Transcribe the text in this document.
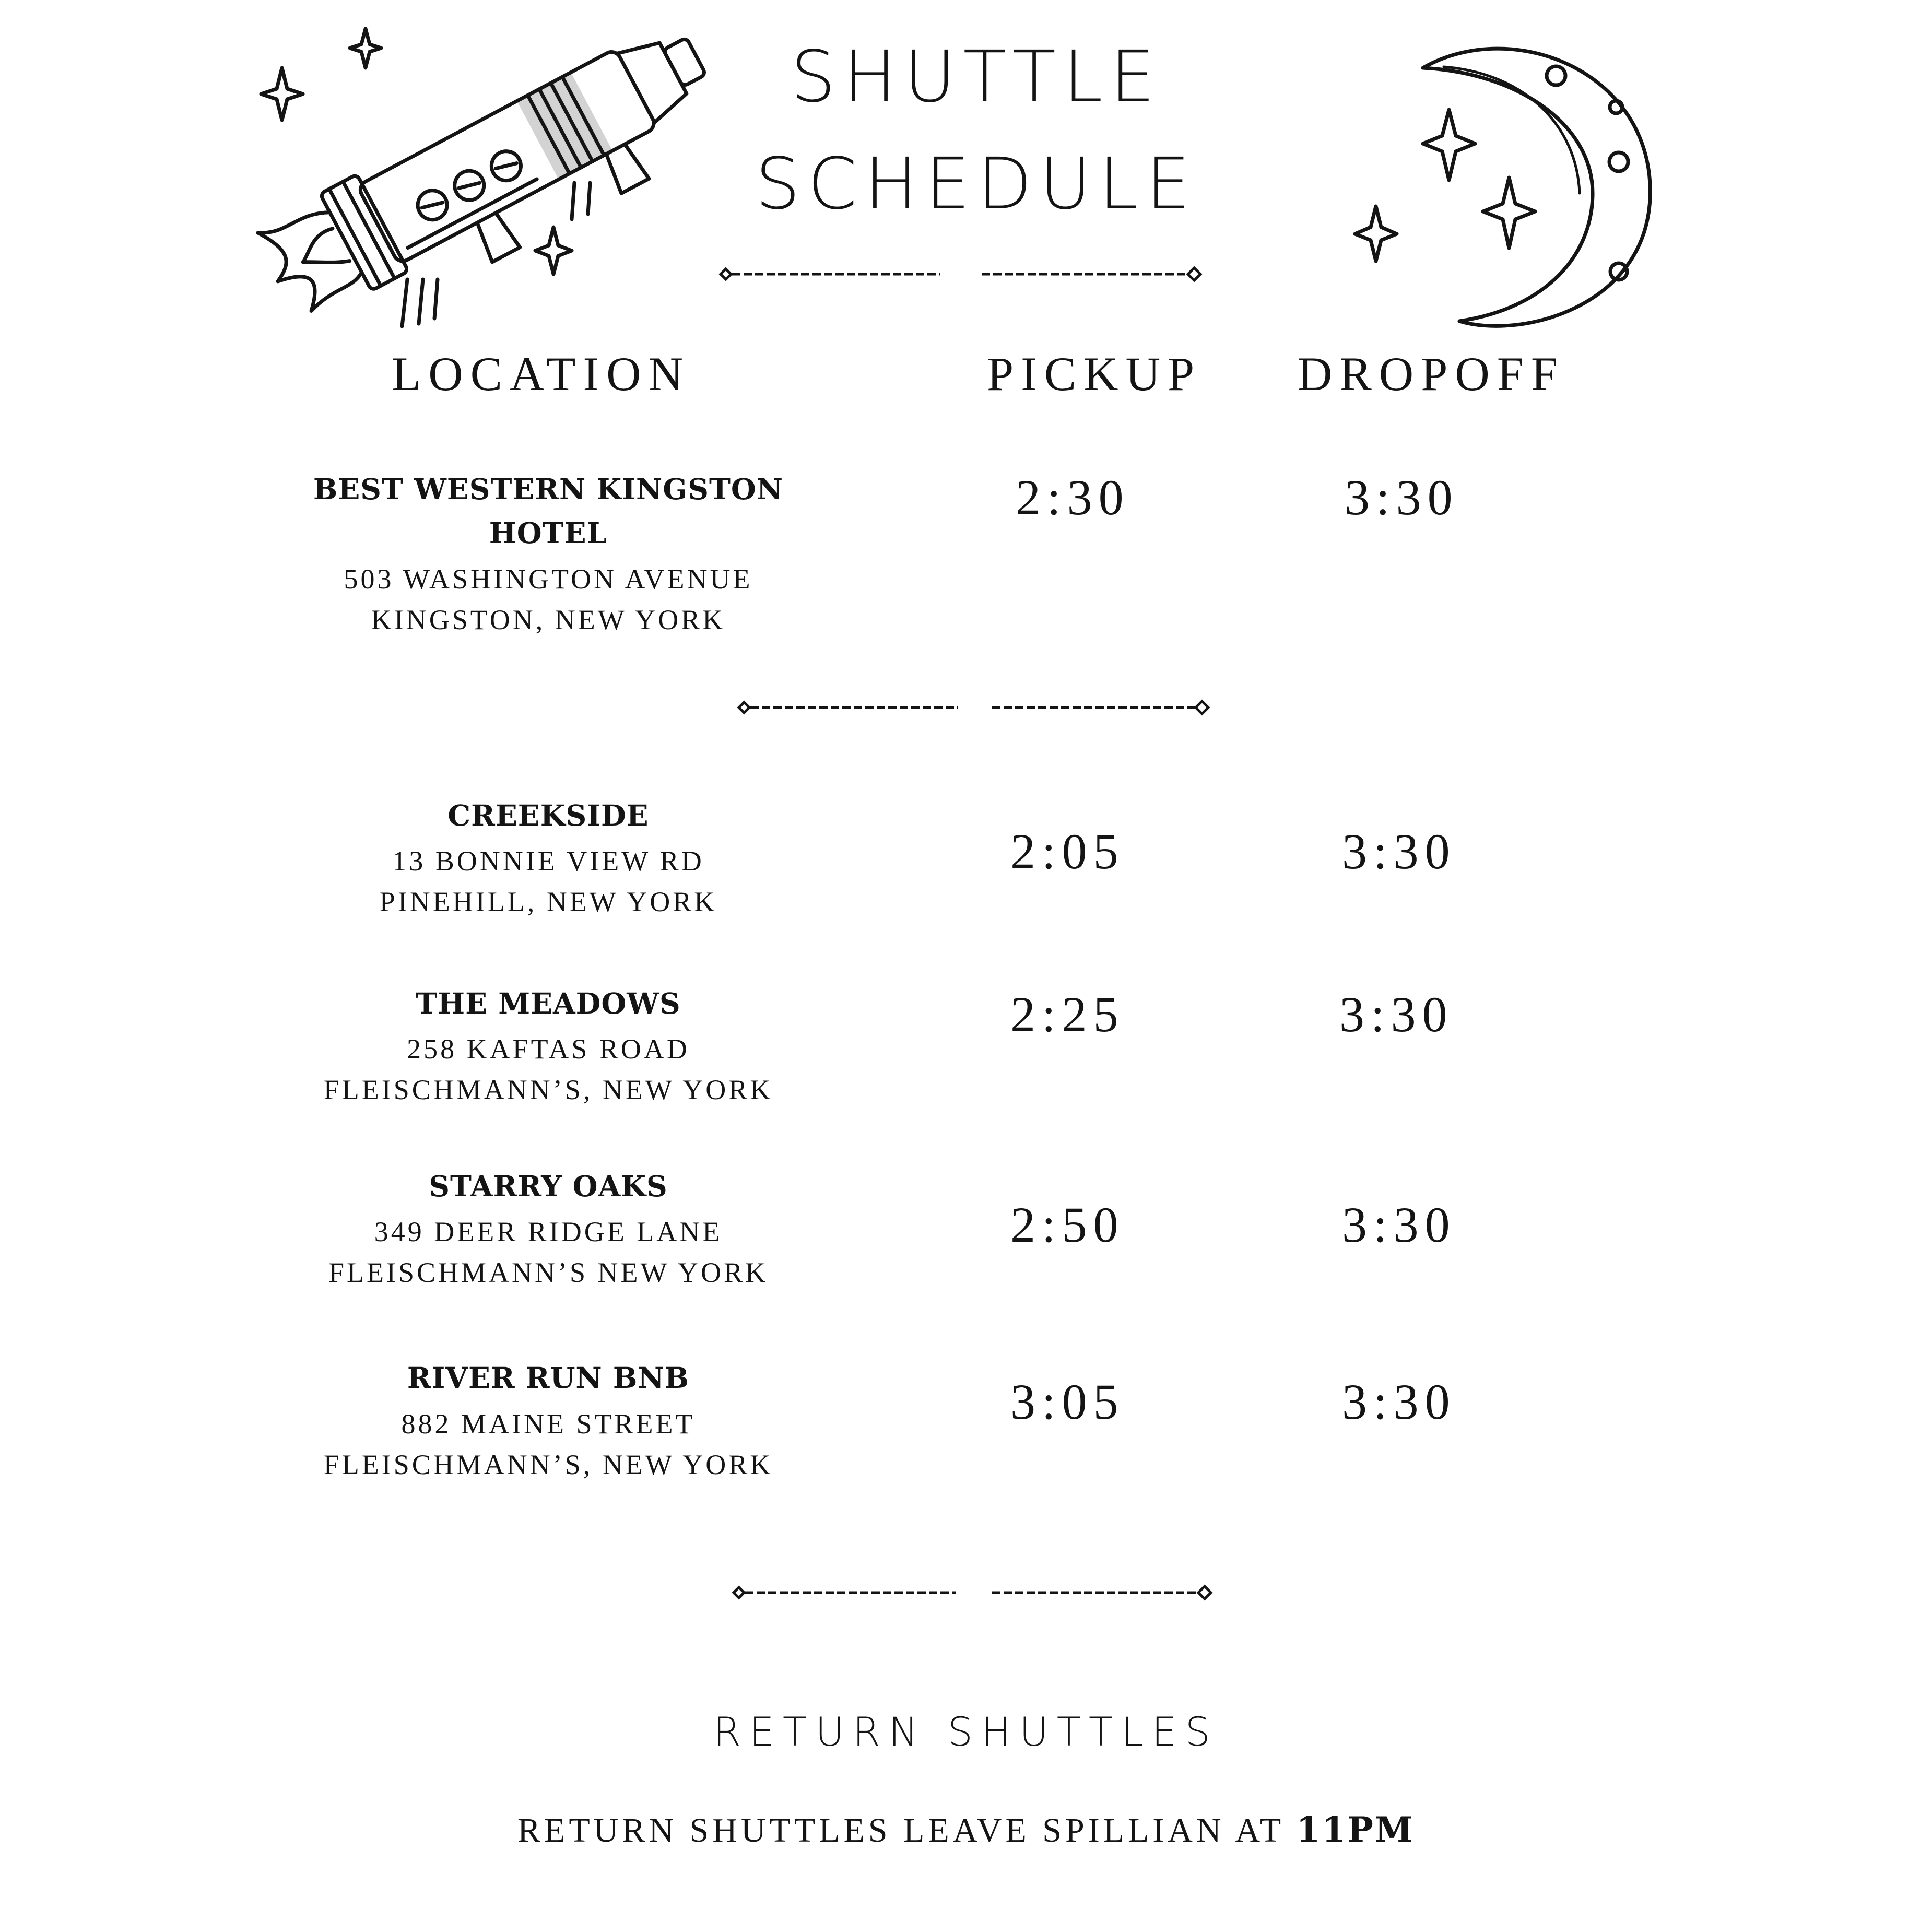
SHUTTLE
SCHEDULE
LOCATION	PICKUP DROPOFF
BEST WESTERN KINGSTON
HOTEL
503 WASHINGTON AVENUE
KINGSTON, NEW YORK
2:30	3:30
CREEKSIDE
13 BONNIE VIEW RD
PINEHILL, NEW YORK
2:05	3:30
THE MEADOWS
258 KAFTAS ROAD
FLEISCHMANN’S, NEW YORK
2:25	3:30
STARRY OAKS
349 DEER RIDGE LANE
FLEISCHMANN’S NEW YORK
2:50	3:30
RIVER RUN BNB
882 MAINE STREET
FLEISCHMANN’S, NEW YORK
3:05	3:30
RETURN SHUTTLES
RETURN SHUTTLES LEAVE SPILLIAN AT 11PM
